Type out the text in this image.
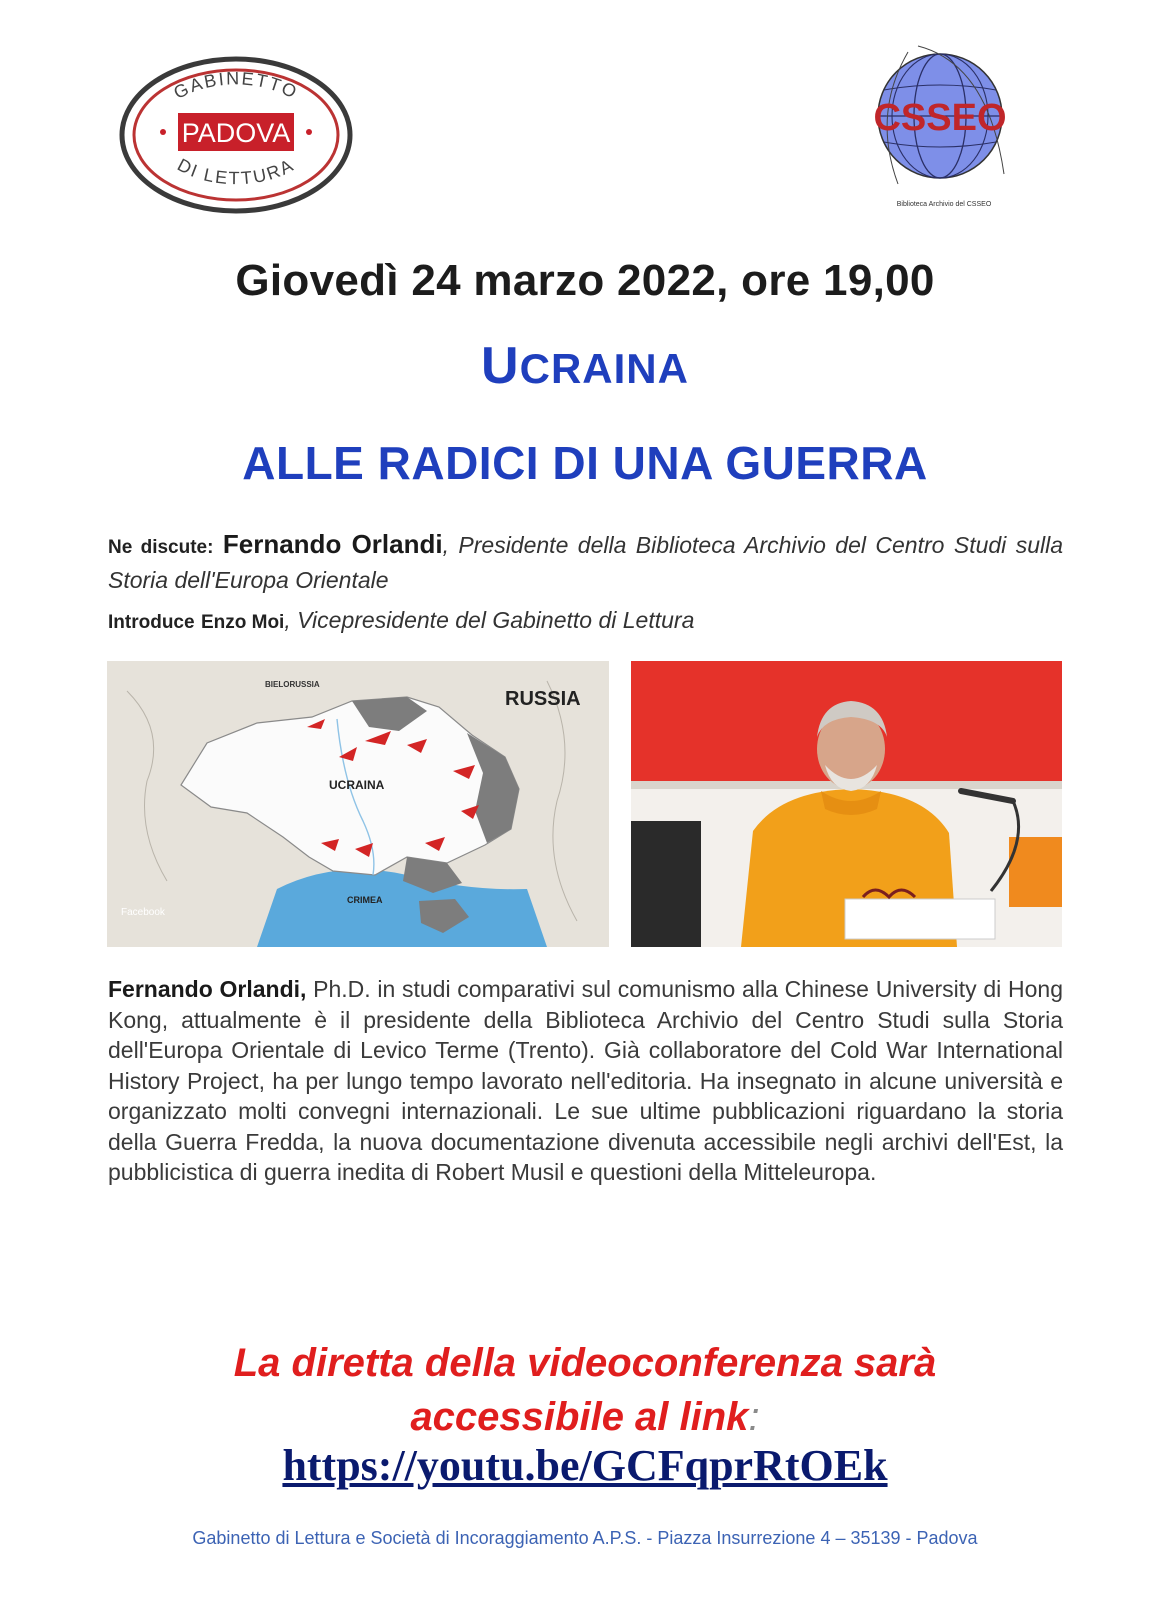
GABINETTO
DI LETTURA
PADOVA	CSSEO
Biblioteca Archivio del CSSEO
Giovedì 24 marzo 2022, ore 19,00
UCRAINA
ALLE RADICI DI UNA GUERRA
Ne discute: Fernando Orlandi, Presidente della Biblioteca Archivio del Centro Studi sulla Storia dell'Europa Orientale
Introduce Enzo Moi, Vicepresidente del Gabinetto di Lettura
RUSSIA
UCRAINA
BIELORUSSIA
CRIMEA
Facebook
Fernando Orlandi, Ph.D. in studi comparativi sul comunismo alla Chinese University di Hong Kong, attualmente è il presidente della Biblioteca Archivio del Centro Studi sulla Storia dell'Europa Orientale di Levico Terme (Trento). Già collaboratore del Cold War International History Project, ha per lungo tempo lavorato nell'editoria. Ha insegnato in alcune università e organizzato molti convegni internazionali. Le sue ultime pubblicazioni riguardano la storia della Guerra Fredda, la nuova documentazione divenuta accessibile negli archivi dell'Est, la pubblicistica di guerra inedita di Robert Musil e questioni della Mitteleuropa.
La diretta della videoconferenza sarà
accessibile al link:
https://youtu.be/GCFqprRtOEk
Gabinetto di Lettura e Società di Incoraggiamento A.P.S. - Piazza Insurrezione 4 – 35139 - Padova
